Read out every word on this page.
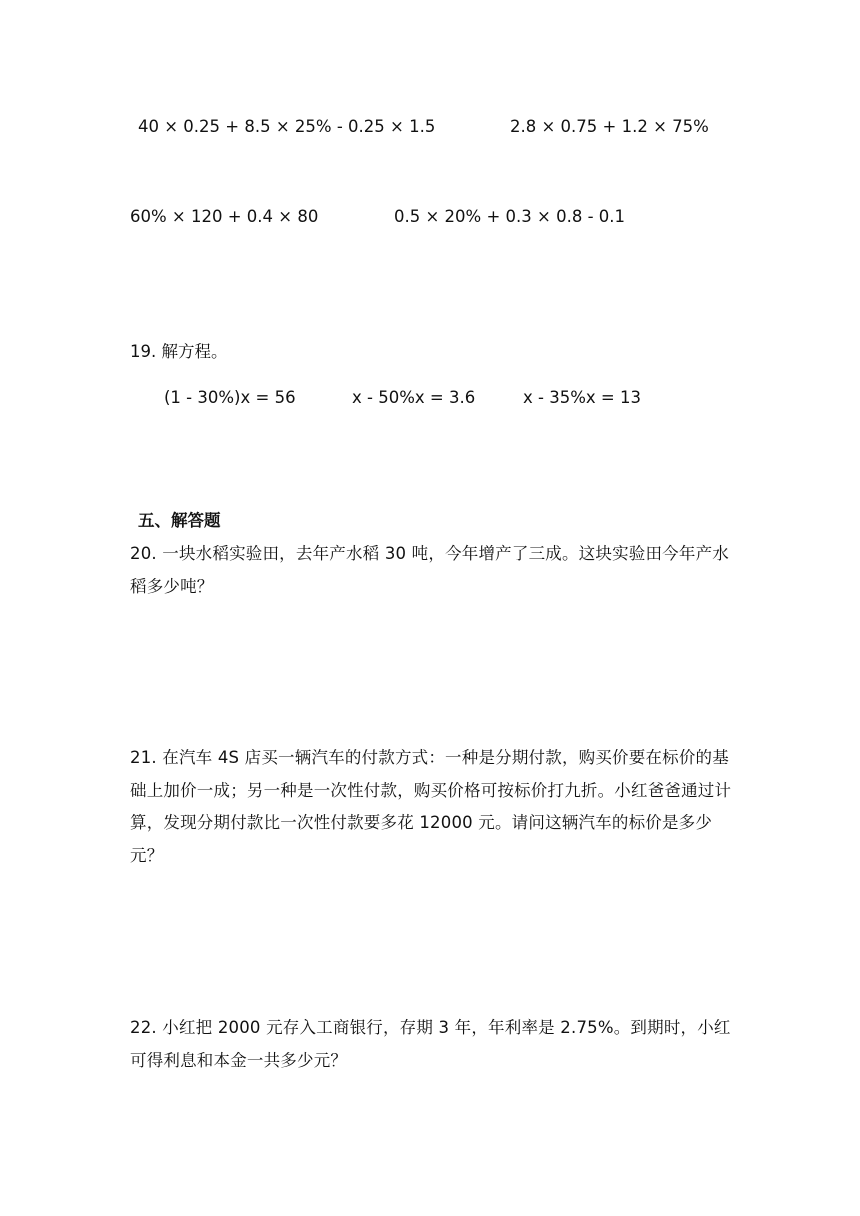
40 × 0.25 + 8.5 × 25% - 0.25 × 1.5	2.8 × 0.75 + 1.2 × 75%
60% × 120 + 0.4 × 80	0.5 × 20% + 0.3 × 0.8 - 0.1
19. 解方程。
(1 - 30%)x = 56	x - 50%x = 3.6	x - 35%x = 13
五、解答题
20. 一块水稻实验田，去年产水稻 30 吨，今年增产了三成。这块实验田今年产水稻多少吨？
21. 在汽车 4S 店买一辆汽车的付款方式：一种是分期付款，购买价要在标价的基础上加价一成；另一种是一次性付款，购买价格可按标价打九折。小红爸爸通过计算，发现分期付款比一次性付款要多花 12000 元。请问这辆汽车的标价是多少元？
22. 小红把 2000 元存入工商银行，存期 3 年，年利率是 2.75%。到期时，小红可得利息和本金一共多少元？
